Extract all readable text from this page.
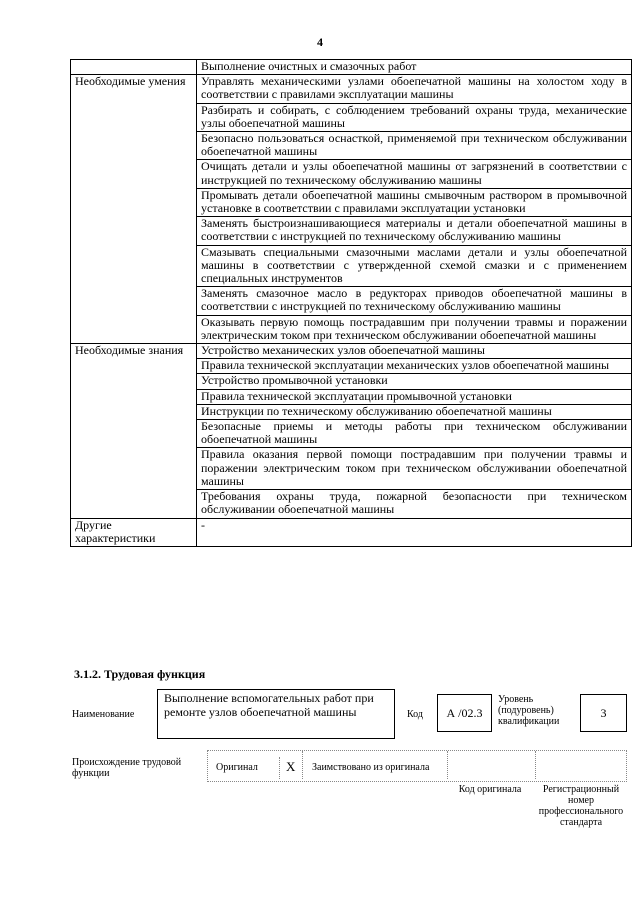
4
	Выполнение очистных и смазочных работ
Необходимые умения	Управлять механическими узлами обоепечатной машины на холостом ходу в соответствии с правилами эксплуатации машины
	Разбирать и собирать, с соблюдением требований охраны труда, механические узлы обоепечатной машины
	Безопасно пользоваться оснасткой, применяемой при техническом обслуживании обоепечатной машины
	Очищать детали и узлы обоепечатной машины от загрязнений в соответствии с инструкцией по техническому обслуживанию машины
	Промывать детали обоепечатной машины смывочным раствором в промывочной установке в соответствии с правилами эксплуатации установки
	Заменять быстроизнашивающиеся материалы и детали обоепечатной машины в соответствии с инструкцией по техническому обслуживанию машины
	Смазывать специальными смазочными маслами детали и узлы обоепечатной машины в соответствии с утвержденной схемой смазки и с применением специальных инструментов
	Заменять смазочное масло в редукторах приводов обоепечатной машины в соответствии с инструкцией по техническому обслуживанию машины
	Оказывать первую помощь пострадавшим при получении травмы и поражении электрическим током при техническом обслуживании обоепечатной машины
Необходимые знания	Устройство механических узлов обоепечатной машины
	Правила технической эксплуатации механических узлов обоепечатной машины
	Устройство промывочной установки
	Правила технической эксплуатации промывочной установки
	Инструкции по техническому обслуживанию обоепечатной машины
	Безопасные приемы и методы работы при техническом обслуживании обоепечатной машины
	Правила оказания первой помощи пострадавшим при получении травмы и поражении электрическим током при техническом обслуживании обоепечатной машины
	Требования охраны труда, пожарной безопасности при техническом обслуживании обоепечатной машины
Другие характеристики	-
3.1.2. Трудовая функция
Наименование
Выполнение вспомогательных работ при ремонте узлов обоепечатной машины	Код	А /02.3
Уровень (подуровень) квалификации
3
Происхождение трудовой функции
Оригинал X Заимствовано из оригинала
Код оригинала	Регистрационный номер профессионального стандарта
